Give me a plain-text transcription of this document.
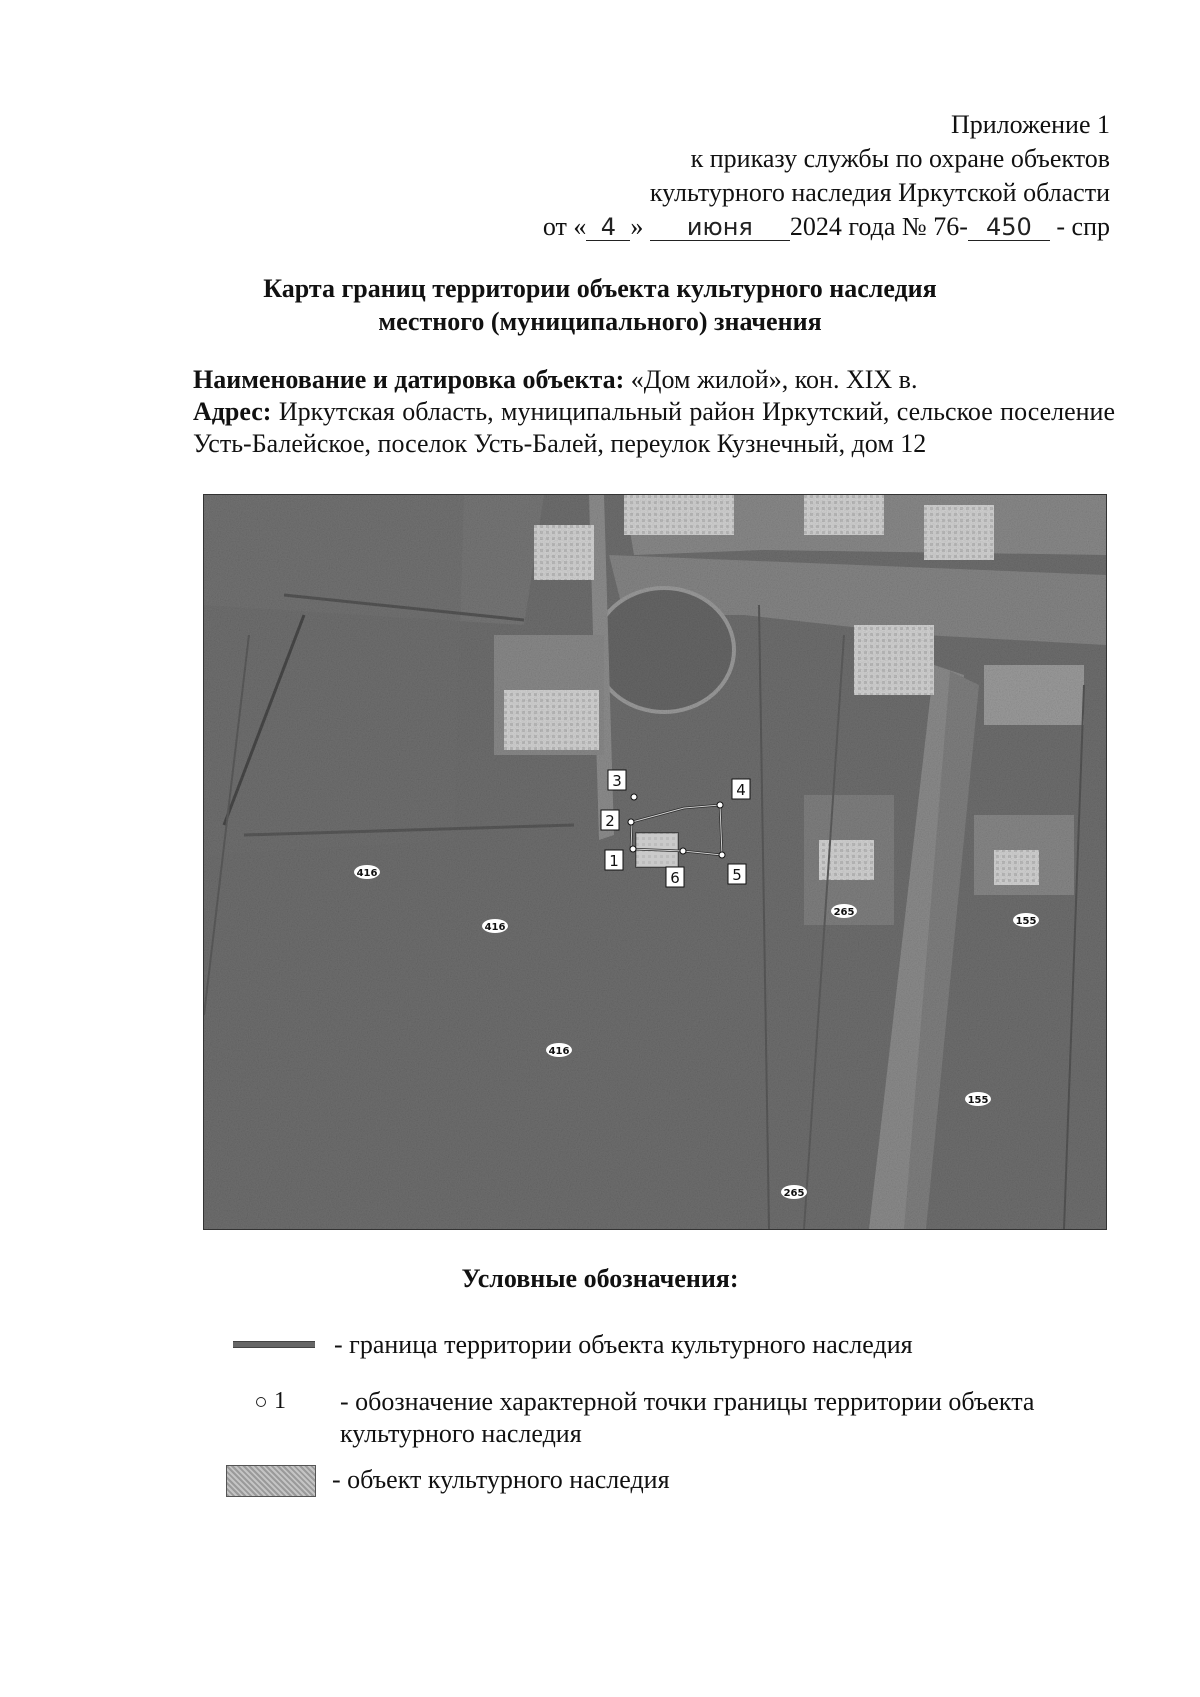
Приложение 1
к приказу службы по охране объектов
культурного наследия Иркутской области
от « 4 » июня 2024 года № 76- 450 - спр
Карта границ территории объекта культурного наследия
местного (муниципального) значения
Наименование и датировка объекта: «Дом жилой», кон. XIX в.
Адрес: Иркутская область, муниципальный район Иркутский, сельское поселение Усть-Балейское, поселок Усть-Балей, переулок Кузнечный, дом 12
1
2
3	4
5
6
416
416
416
265
265
155
155
Условные обозначения:
- граница территории объекта культурного наследия
1 - обозначение характерной точки границы территории объекта
культурного наследия
- объект культурного наследия
